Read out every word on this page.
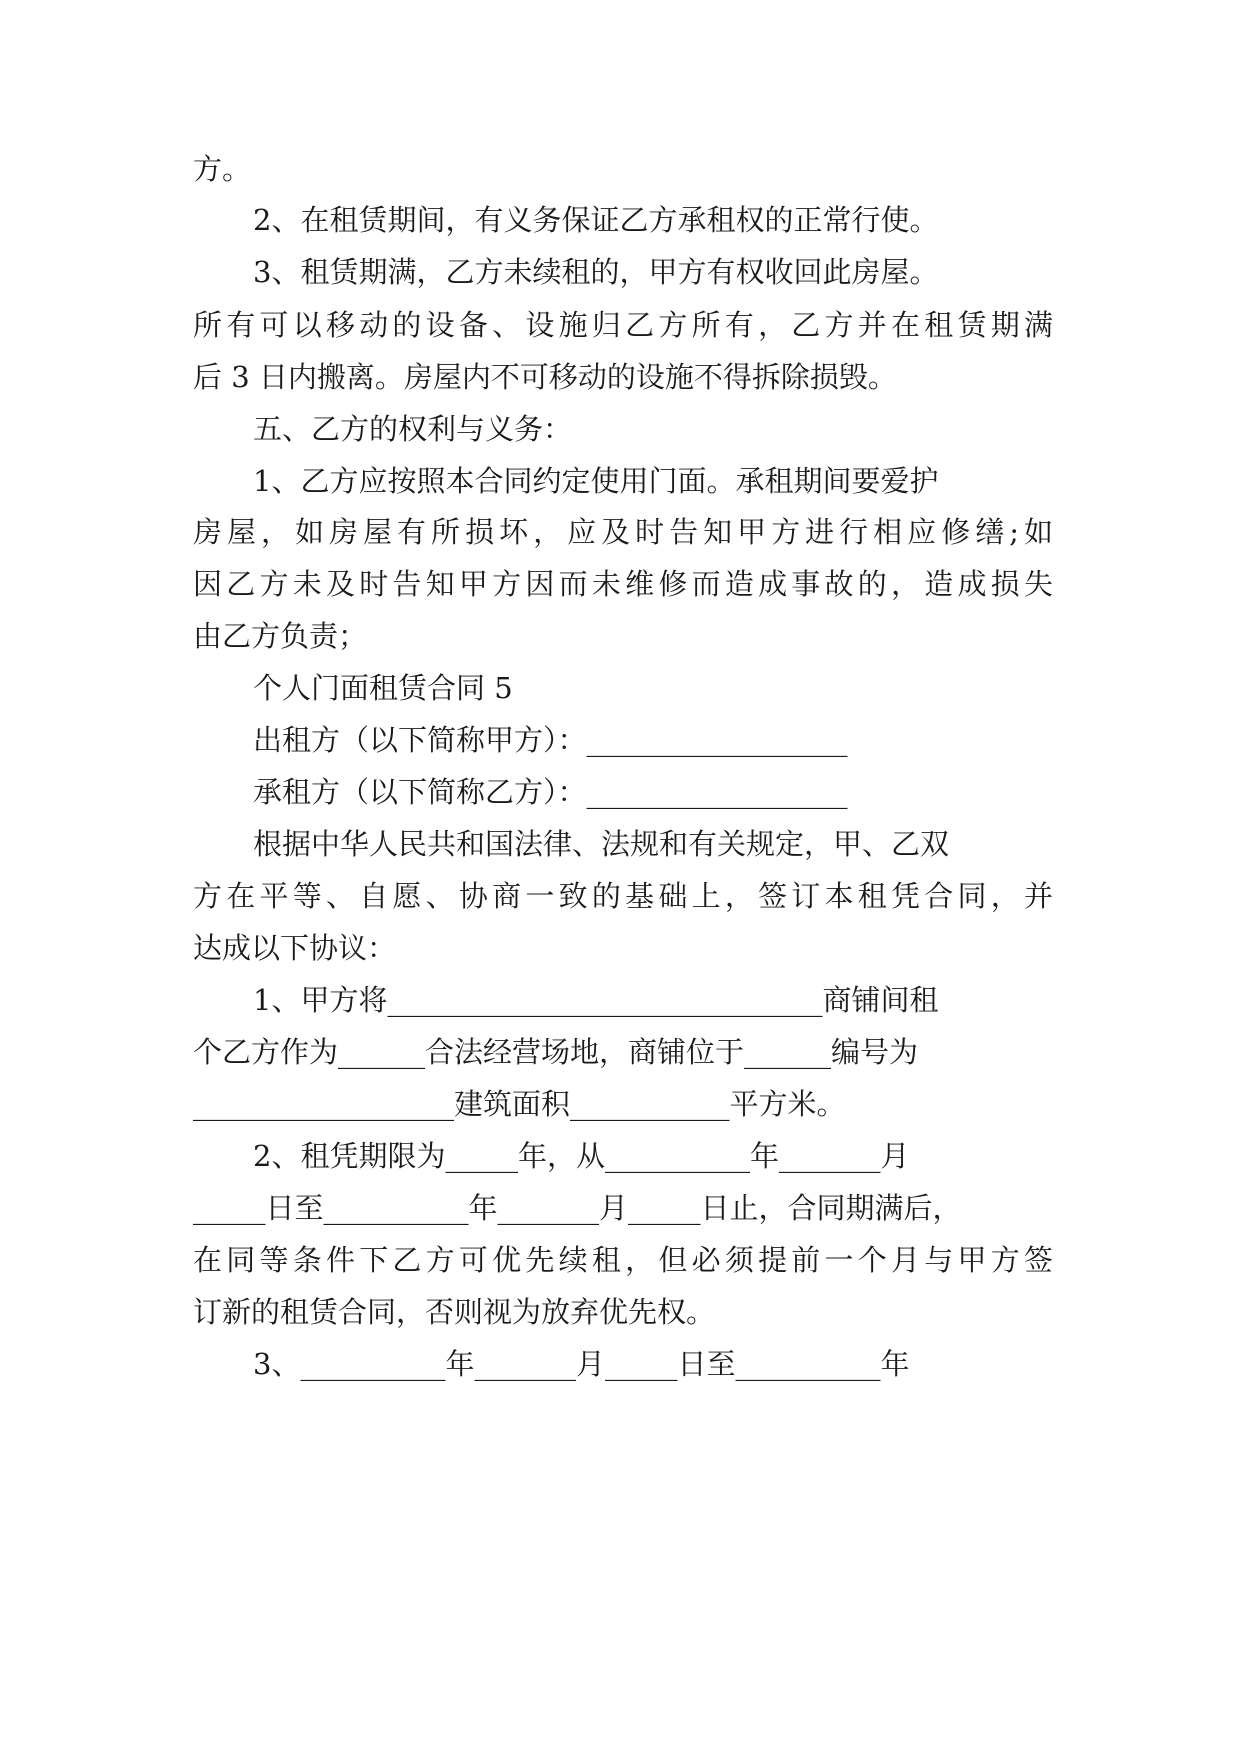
方。
2、在租赁期间，有义务保证乙方承租权的正常行使。
3、租赁期满，乙方未续租的，甲方有权收回此房屋。
所有可以移动的设备、设施归乙方所有，乙方并在租赁期满
后 3 日内搬离。房屋内不可移动的设施不得拆除损毁。
五、乙方的权利与义务：
1、乙方应按照本合同约定使用门面。承租期间要爱护
房屋，如房屋有所损坏，应及时告知甲方进行相应修缮;如
因乙方未及时告知甲方因而未维修而造成事故的，造成损失
由乙方负责；
个人门面租赁合同 5
出租方（以下简称甲方）：__________________
承租方（以下简称乙方）：__________________
根据中华人民共和国法律、法规和有关规定，甲、乙双
方在平等、自愿、协商一致的基础上，签订本租凭合同，并
达成以下协议：
1、甲方将______________________________商铺间租
个乙方作为______合法经营场地，商铺位于______编号为
__________________建筑面积___________平方米。
2、租凭期限为_____年，从__________年_______月
_____日至__________年_______月_____日止，合同期满后，
在同等条件下乙方可优先续租，但必须提前一个月与甲方签
订新的租赁合同，否则视为放弃优先权。
3、__________年_______月_____日至__________年
